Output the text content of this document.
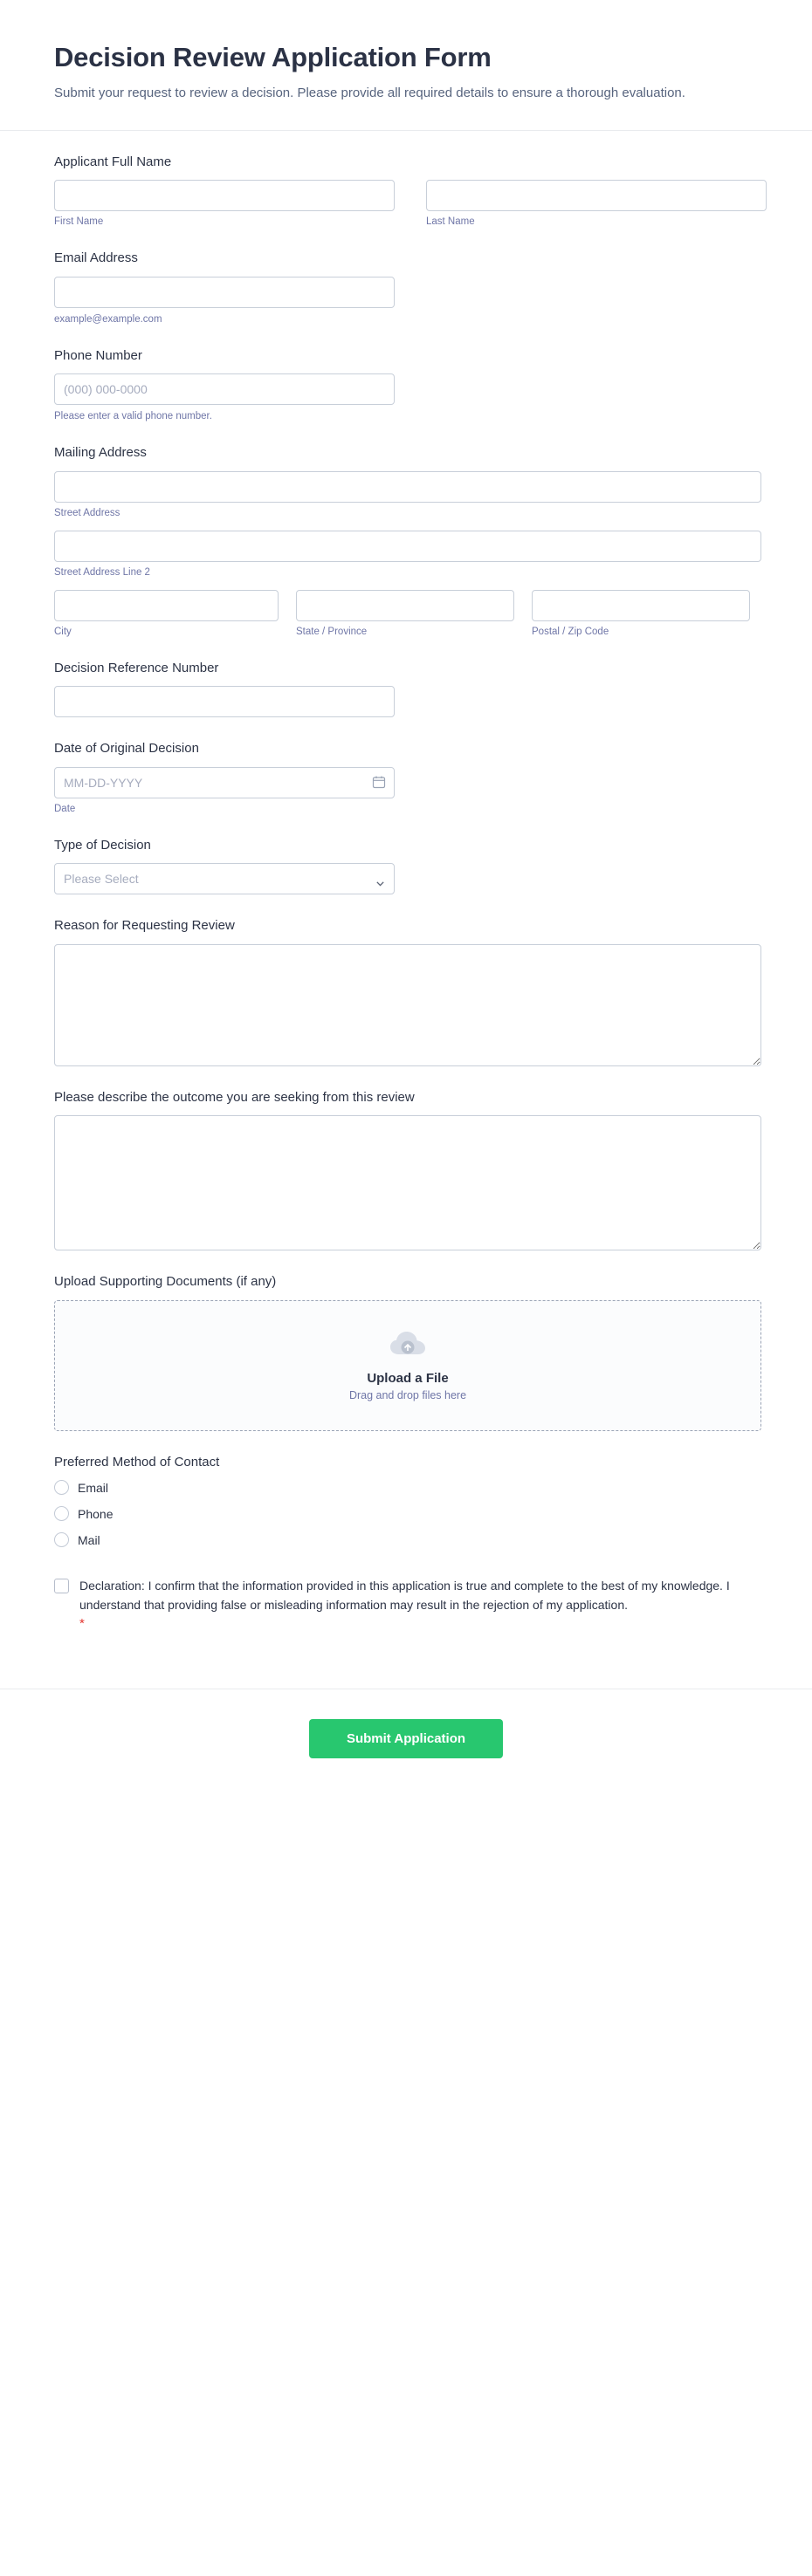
Decision Review Application Form

Submit your request to review a decision. Please provide all required details to ensure a thorough evaluation.

Applicant Full Name
First Name	Last Name
Email Address
example@example.com
Phone Number
(000) 000-0000
Please enter a valid phone number.
Mailing Address
Street Address
Street Address Line 2
City	State / Province	Postal / Zip Code
Decision Reference Number
Date of Original Decision
MM-DD-YYYY
Date
Type of Decision
Please Select
Reason for Requesting Review
Please describe the outcome you are seeking from this review
Upload Supporting Documents (if any)
Upload a File
Drag and drop files here
Preferred Method of Contact
Email
Phone
Mail
Declaration: I confirm that the information provided in this application is true and complete to the best of my knowledge. I understand that providing false or misleading information may result in the rejection of my application.
*
Submit Application
